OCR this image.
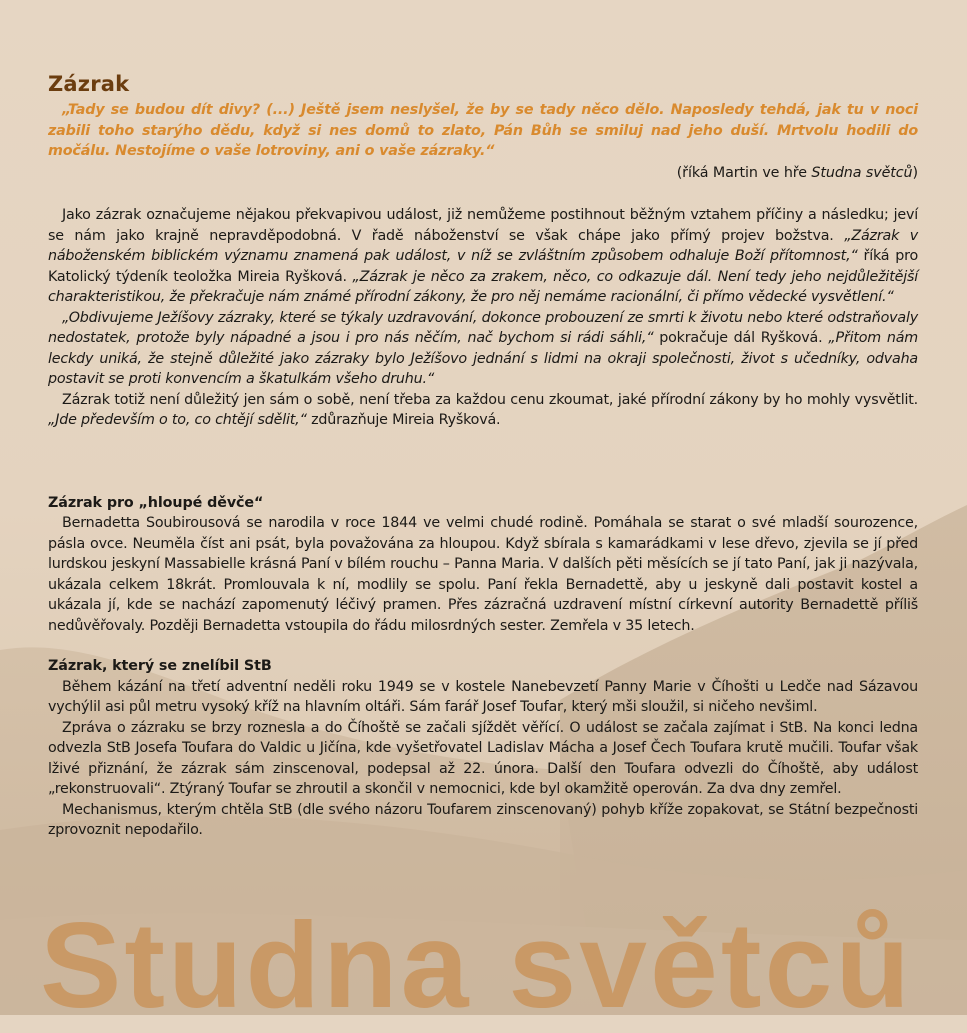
Studna světců
Zázrak

„Tady se budou dít divy? (...) Ještě jsem neslyšel, že by se tady něco dělo. Naposledy tehdá, jak tu v noci zabili toho starýho dědu, když si nes domů to zlato, Pán Bůh se smiluj nad jeho duší. Mrtvolu hodili do močálu. Nestojíme o vaše lotroviny, ani o vaše zázraky.“

(říká Martin ve hře Studna světců)

Jako zázrak označujeme nějakou překvapivou událost, již nemůžeme postihnout běžným vztahem příčiny a následku; jeví se nám jako krajně nepravděpodobná. V řadě náboženství se však chápe jako přímý projev božstva. „Zázrak v náboženském biblickém významu znamená pak událost, v níž se zvláštním způsobem odhaluje Boží přítomnost,“ říká pro Katolický týdeník teoložka Mireia Ryšková. „Zázrak je něco za zrakem, něco, co odkazuje dál. Není tedy jeho nejdůležitější charakteristikou, že překračuje nám známé přírodní zákony, že pro něj nemáme racionální, či přímo vědecké vysvětlení.“

„Obdivujeme Ježíšovy zázraky, které se týkaly uzdravování, dokonce probouzení ze smrti k životu nebo které odstraňovaly nedostatek, protože byly nápadné a jsou i pro nás něčím, nač bychom si rádi sáhli,“ pokračuje dál Ryšková. „Přitom nám leckdy uniká, že stejně důležité jako zázraky bylo Ježíšovo jednání s lidmi na okraji společnosti, život s učedníky, odvaha postavit se proti konvencím a škatulkám všeho druhu.“

Zázrak totiž není důležitý jen sám o sobě, není třeba za každou cenu zkoumat, jaké přírodní zákony by ho mohly vysvětlit. „Jde především o to, co chtějí sdělit,“ zdůrazňuje Mireia Ryšková.

Zázrak pro „hloupé děvče“

Bernadetta Soubirousová se narodila v roce 1844 ve velmi chudé rodině. Pomáhala se starat o své mladší sourozence, pásla ovce. Neuměla číst ani psát, byla považována za hloupou. Když sbírala s kamarádkami v lese dřevo, zjevila se jí před lurdskou jeskyní Massabielle krásná Paní v bílém rouchu – Panna Maria. V dalších pěti měsících se jí tato Paní, jak ji nazývala, ukázala celkem 18krát. Promlouvala k ní, modlily se spolu. Paní řekla Bernadettě, aby u jeskyně dali postavit kostel a ukázala jí, kde se nachází zapomenutý léčivý pramen. Přes zázračná uzdravení místní církevní autority Bernadettě příliš nedůvěřovaly. Později Bernadetta vstoupila do řádu milosrdných sester. Zemřela v 35 letech.

Zázrak, který se znelíbil StB

Během kázání na třetí adventní neděli roku 1949 se v kostele Nanebevzetí Panny Marie v Číhošti u Ledče nad Sázavou vychýlil asi půl metru vysoký kříž na hlavním oltáři. Sám farář Josef Toufar, který mši sloužil, si ničeho nevšiml.

Zpráva o zázraku se brzy roznesla a do Číhoště se začali sjíždět věřící. O událost se začala zajímat i StB. Na konci ledna odvezla StB Josefa Toufara do Valdic u Jičína, kde vyšetřovatel Ladislav Mácha a Josef Čech Toufara krutě mučili. Toufar však lživé přiznání, že zázrak sám zinscenoval, podepsal až 22. února. Další den Toufara odvezli do Číhoště, aby událost „rekonstruovali“. Ztýraný Toufar se zhroutil a skončil v nemocnici, kde byl okamžitě operován. Za dva dny zemřel.

Mechanismus, kterým chtěla StB (dle svého názoru Toufarem zinscenovaný) pohyb kříže zopakovat, se Státní bezpečnosti zprovoznit nepodařilo.
